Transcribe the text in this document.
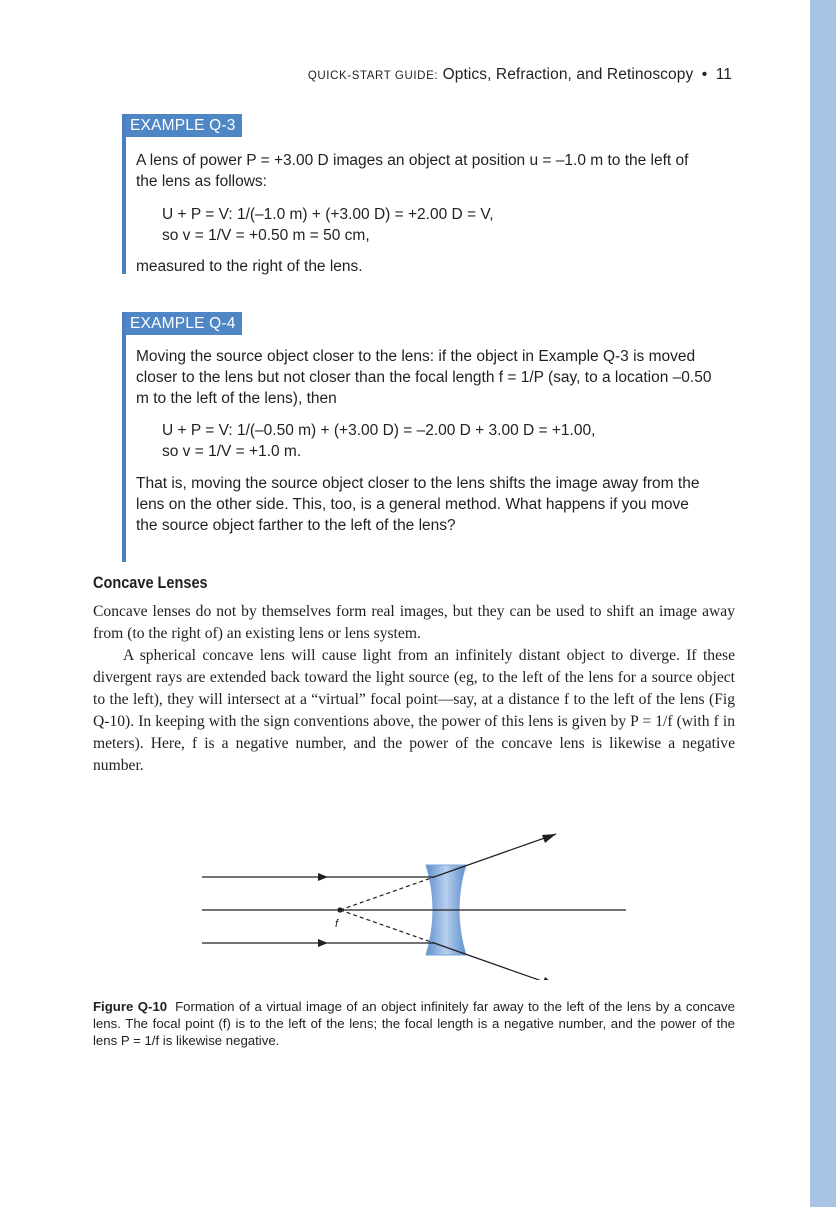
QUICK-START GUIDE: Optics, Refraction, and Retinoscopy • 11
EXAMPLE Q-3

A lens of power P = +3.00 D images an object at position u = –1.0 m to the left of the lens as follows:

U + P = V: 1/(–1.0 m) + (+3.00 D) = +2.00 D = V,
so v = 1/V = +0.50 m = 50 cm,

measured to the right of the lens.

EXAMPLE Q-4

Moving the source object closer to the lens: if the object in Example Q-3 is moved closer to the lens but not closer than the focal length f = 1/P (say, to a location –0.50 m to the left of the lens), then

U + P = V: 1/(–0.50 m) + (+3.00 D) = –2.00 D + 3.00 D = +1.00,
so v = 1/V = +1.0 m.

That is, moving the source object closer to the lens shifts the image away from the lens on the other side. This, too, is a general method. What happens if you move the source object farther to the left of the lens?

Concave Lenses

Concave lenses do not by themselves form real images, but they can be used to shift an image away from (to the right of) an existing lens or lens system.

A spherical concave lens will cause light from an infinitely distant object to diverge. If these divergent rays are extended back toward the light source (eg, to the left of the lens for a source object to the left), they will intersect at a “virtual” focal point—say, at a distance f to the left of the lens (Fig Q-10). In keeping with the sign conventions above, the power of this lens is given by P = 1/f (with f in meters). Here, f is a negative number, and the power of the concave lens is likewise a negative number.

f
Figure Q-10 Formation of a virtual image of an object infinitely far away to the left of the lens by a concave lens. The focal point (f) is to the left of the lens; the focal length is a negative number, and the power of the lens P = 1/f is likewise negative.
